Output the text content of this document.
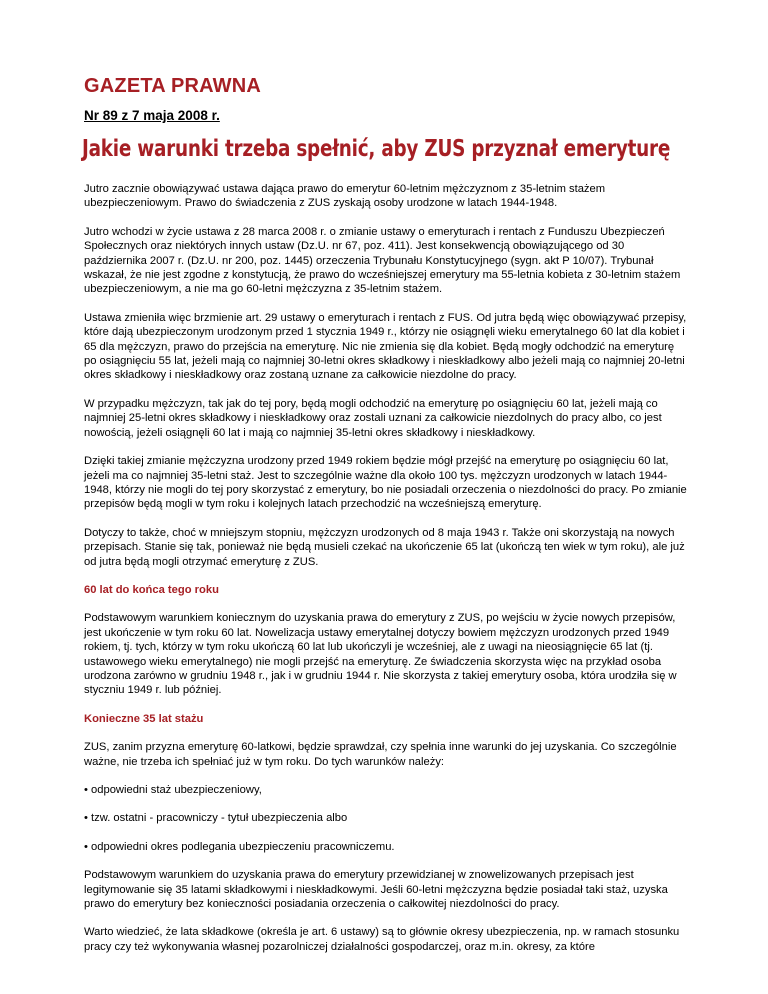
GAZETA PRAWNA
Nr 89 z 7 maja 2008 r.
Jakie warunki trzeba spełnić, aby ZUS przyznał emeryturę

Jutro zacznie obowiązywać ustawa dająca prawo do emerytur 60-letnim mężczyznom z 35-letnim stażem ubezpieczeniowym. Prawo do świadczenia z ZUS zyskają osoby urodzone w latach 1944-1948.

Jutro wchodzi w życie ustawa z 28 marca 2008 r. o zmianie ustawy o emeryturach i rentach z Funduszu Ubezpieczeń Społecznych oraz niektórych innych ustaw (Dz.U. nr 67, poz. 411). Jest konsekwencją obowiązującego od 30 października 2007 r. (Dz.U. nr 200, poz. 1445) orzeczenia Trybunału Konstytucyjnego (sygn. akt P 10/07). Trybunał wskazał, że nie jest zgodne z konstytucją, że prawo do wcześniejszej emerytury ma 55-letnia kobieta z 30-letnim stażem ubezpieczeniowym, a nie ma go 60-letni mężczyzna z 35-letnim stażem.

Ustawa zmieniła więc brzmienie art. 29 ustawy o emeryturach i rentach z FUS. Od jutra będą więc obowiązywać przepisy, które dają ubezpieczonym urodzonym przed 1 stycznia 1949 r., którzy nie osiągnęli wieku emerytalnego 60 lat dla kobiet i 65 dla mężczyzn, prawo do przejścia na emeryturę. Nic nie zmienia się dla kobiet. Będą mogły odchodzić na emeryturę po osiągnięciu 55 lat, jeżeli mają co najmniej 30-letni okres składkowy i nieskładkowy albo jeżeli mają co najmniej 20-letni okres składkowy i nieskładkowy oraz zostaną uznane za całkowicie niezdolne do pracy.

W przypadku mężczyzn, tak jak do tej pory, będą mogli odchodzić na emeryturę po osiągnięciu 60 lat, jeżeli mają co najmniej 25-letni okres składkowy i nieskładkowy oraz zostali uznani za całkowicie niezdolnych do pracy albo, co jest nowością, jeżeli osiągnęli 60 lat i mają co najmniej 35-letni okres składkowy i nieskładkowy.

Dzięki takiej zmianie mężczyzna urodzony przed 1949 rokiem będzie mógł przejść na emeryturę po osiągnięciu 60 lat, jeżeli ma co najmniej 35-letni staż. Jest to szczególnie ważne dla około 100 tys. mężczyzn urodzonych w latach 1944-1948, którzy nie mogli do tej pory skorzystać z emerytury, bo nie posiadali orzeczenia o niezdolności do pracy. Po zmianie przepisów będą mogli w tym roku i kolejnych latach przechodzić na wcześniejszą emeryturę.

Dotyczy to także, choć w mniejszym stopniu, mężczyzn urodzonych od 8 maja 1943 r. Także oni skorzystają na nowych przepisach. Stanie się tak, ponieważ nie będą musieli czekać na ukończenie 65 lat (ukończą ten wiek w tym roku), ale już od jutra będą mogli otrzymać emeryturę z ZUS.

60 lat do końca tego roku

Podstawowym warunkiem koniecznym do uzyskania prawa do emerytury z ZUS, po wejściu w życie nowych przepisów, jest ukończenie w tym roku 60 lat. Nowelizacja ustawy emerytalnej dotyczy bowiem mężczyzn urodzonych przed 1949 rokiem, tj. tych, którzy w tym roku ukończą 60 lat lub ukończyli je wcześniej, ale z uwagi na nieosiągnięcie 65 lat (tj. ustawowego wieku emerytalnego) nie mogli przejść na emeryturę. Ze świadczenia skorzysta więc na przykład osoba urodzona zarówno w grudniu 1948 r., jak i w grudniu 1944 r. Nie skorzysta z takiej emerytury osoba, która urodziła się w styczniu 1949 r. lub później.

Konieczne 35 lat stażu

ZUS, zanim przyzna emeryturę 60-latkowi, będzie sprawdzał, czy spełnia inne warunki do jej uzyskania. Co szczególnie ważne, nie trzeba ich spełniać już w tym roku. Do tych warunków należy:

• odpowiedni staż ubezpieczeniowy,

• tzw. ostatni - pracowniczy - tytuł ubezpieczenia albo

• odpowiedni okres podlegania ubezpieczeniu pracowniczemu.

Podstawowym warunkiem do uzyskania prawa do emerytury przewidzianej w znowelizowanych przepisach jest legitymowanie się 35 latami składkowymi i nieskładkowymi. Jeśli 60-letni mężczyzna będzie posiadał taki staż, uzyska prawo do emerytury bez konieczności posiadania orzeczenia o całkowitej niezdolności do pracy.

Warto wiedzieć, że lata składkowe (określa je art. 6 ustawy) są to głównie okresy ubezpieczenia, np. w ramach stosunku pracy czy też wykonywania własnej pozarolniczej działalności gospodarczej, oraz m.in. okresy, za które
